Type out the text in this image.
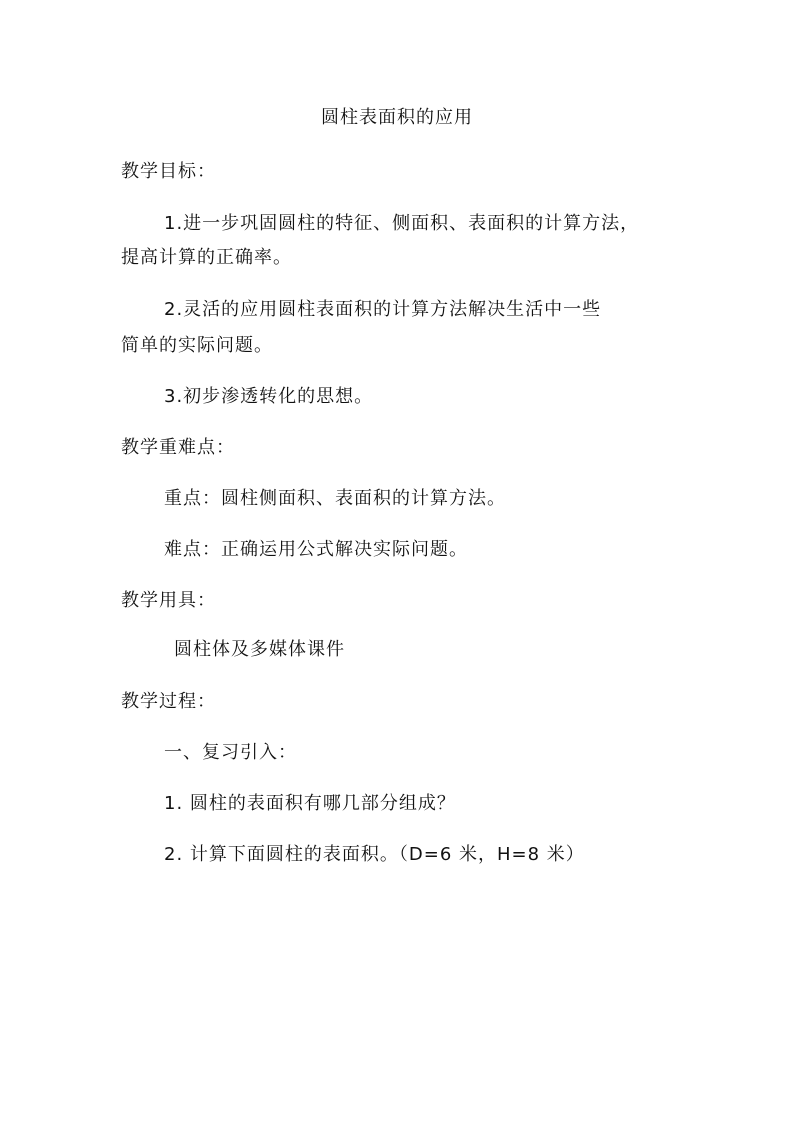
圆柱表面积的应用
教学目标：
1.进一步巩固圆柱的特征、侧面积、表面积的计算方法，
提高计算的正确率。
2.灵活的应用圆柱表面积的计算方法解决生活中一些
简单的实际问题。
3.初步渗透转化的思想。
教学重难点：
重点：圆柱侧面积、表面积的计算方法。
难点：正确运用公式解决实际问题。
教学用具：
圆柱体及多媒体课件
教学过程：
一、复习引入：
1. 圆柱的表面积有哪几部分组成？
2. 计算下面圆柱的表面积。（D=6 米，H=8 米）
